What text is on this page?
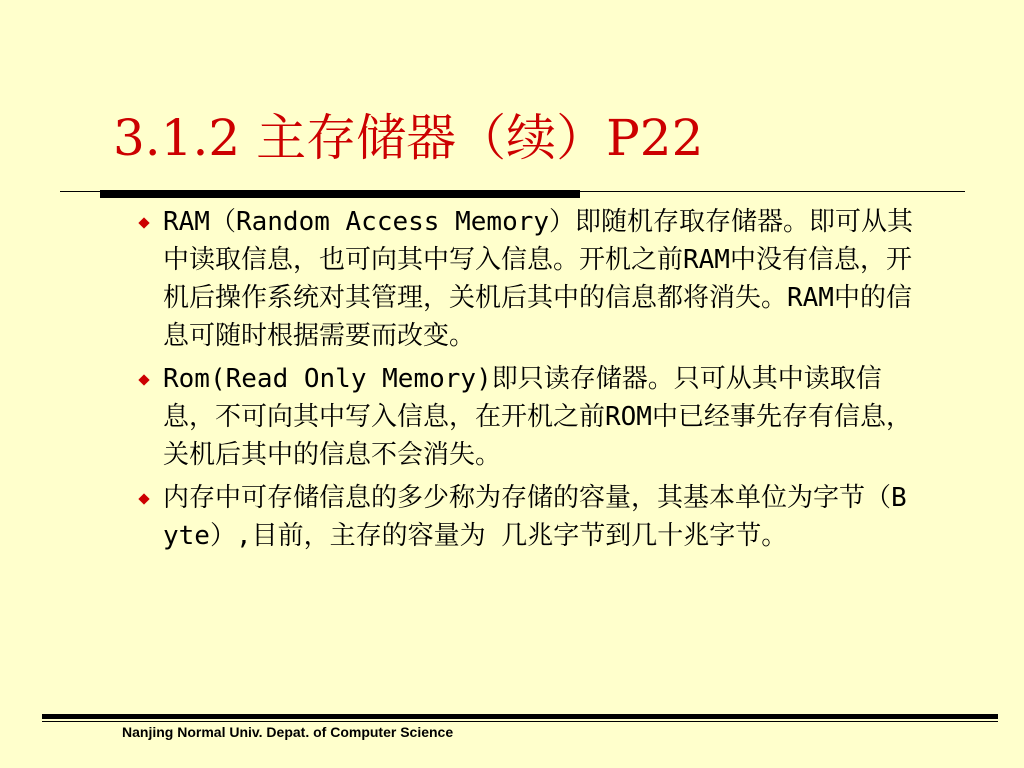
3.1.2 主存储器（续）P22
RAM（Random Access Memory）即随机存取存储器。即可从其中读取信息，也可向其中写入信息。开机之前RAM中没有信息，开机后操作系统对其管理，关机后其中的信息都将消失。RAM中的信息可随时根据需要而改变。
Rom(Read Only Memory)即只读存储器。只可从其中读取信息，不可向其中写入信息，在开机之前ROM中已经事先存有信息，关机后其中的信息不会消失。
内存中可存储信息的多少称为存储的容量，其基本单位为字节（Byte）,目前，主存的容量为 几兆字节到几十兆字节。
Nanjing Normal Univ. Depat. of Computer Science
